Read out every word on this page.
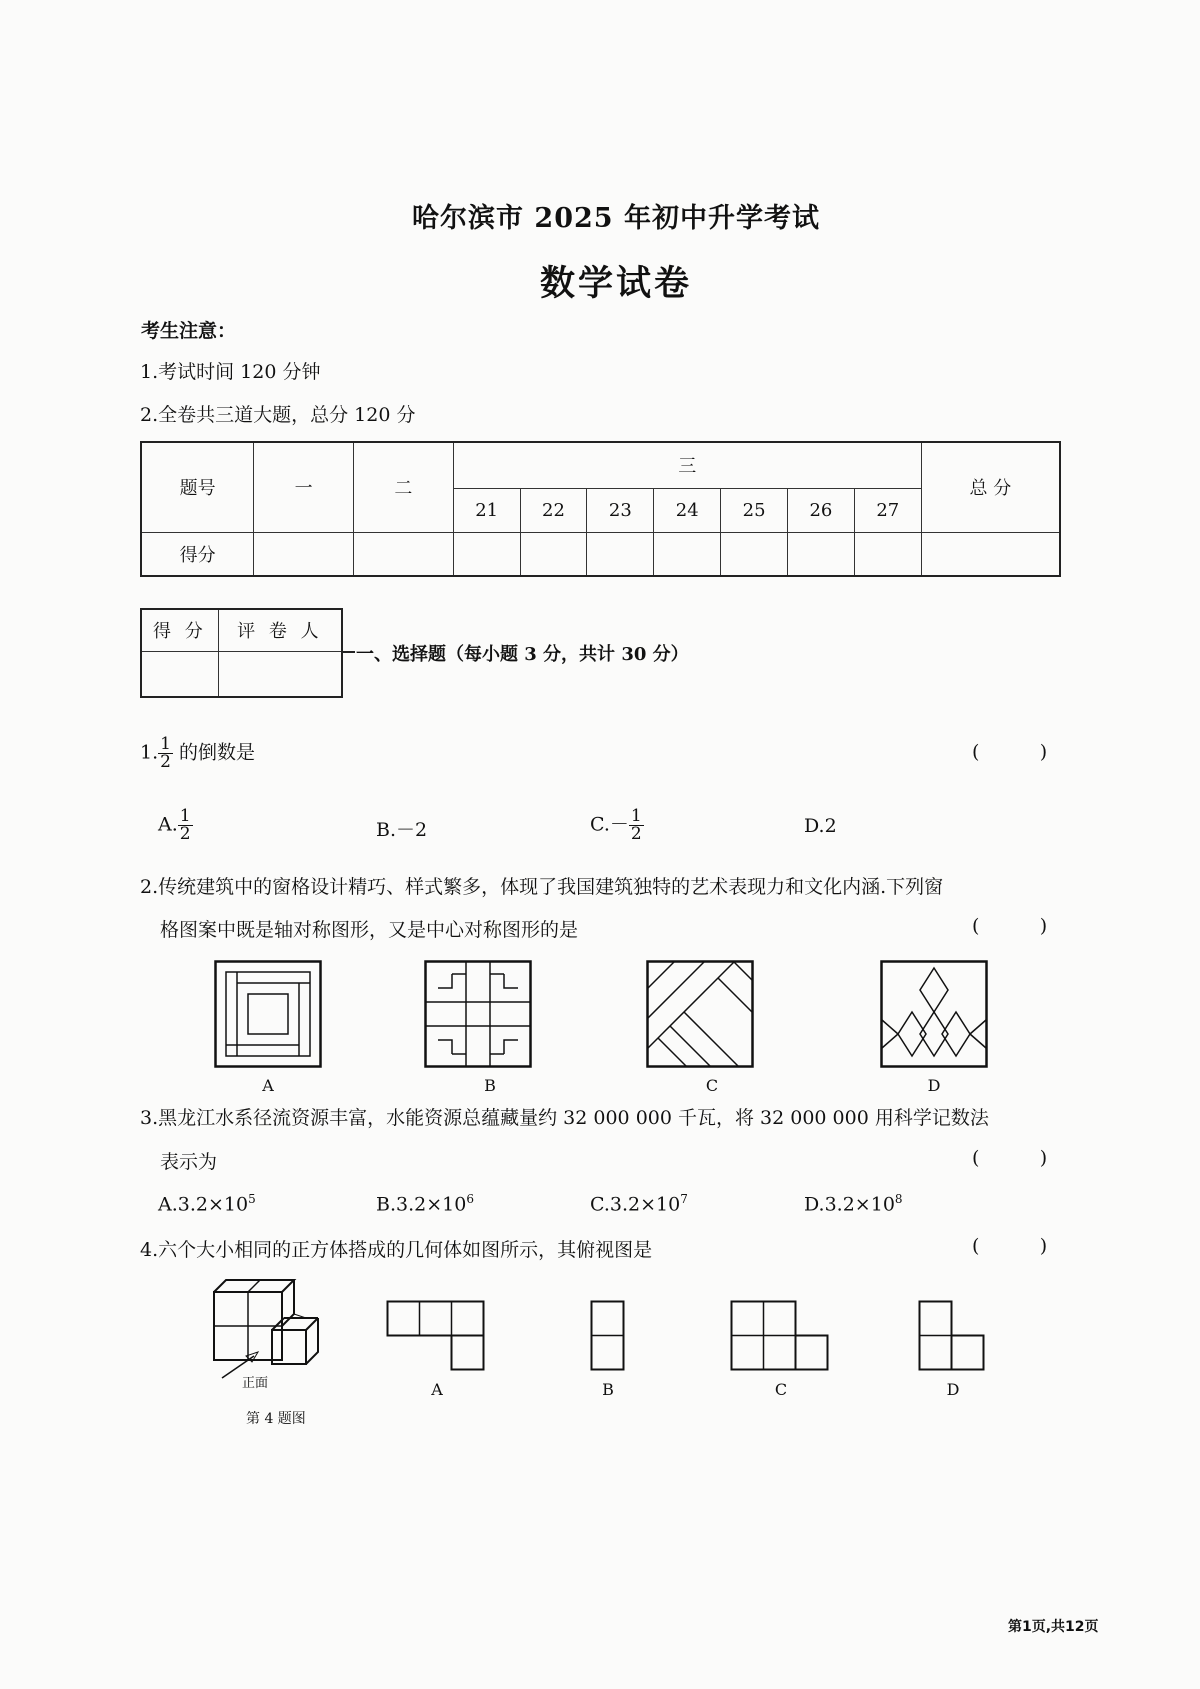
哈尔滨市 2025 年初中升学考试
数学试卷
考生注意：
1.考试时间 120 分钟
2.全卷共三道大题，总分 120 分
题号	一	二	三							总 分
			21	22	23	24	25	26	27	
得分										
得 分	评 卷 人

一、选择题（每小题 3 分，共计 30 分）
1. $\frac{1}{2}$ 的倒数是	(          )
A. $\frac{1}{2}$	B.－2	$C.- \frac{1}{2}$	D.2
2.传统建筑中的窗格设计精巧、样式繁多，体现了我国建筑独特的艺术表现力和文化内涵.下列窗
格图案中既是轴对称图形，又是中心对称图形的是	(          )
A	B	C	D
3.黑龙江水系径流资源丰富，水能资源总蕴藏量约 32 000 000 千瓦，将 32 000 000 用科学记数法
表示为	(          )
$A.3.2\times 10^5$	$B.3.2\times 10^6$	$C.3.2\times 10^7$	$D.3.2\times 10^8$
4.六个大小相同的正方体搭成的几何体如图所示，其俯视图是	(          )
正面
第 4 题图
A	B	C	D
第1页,共12页
